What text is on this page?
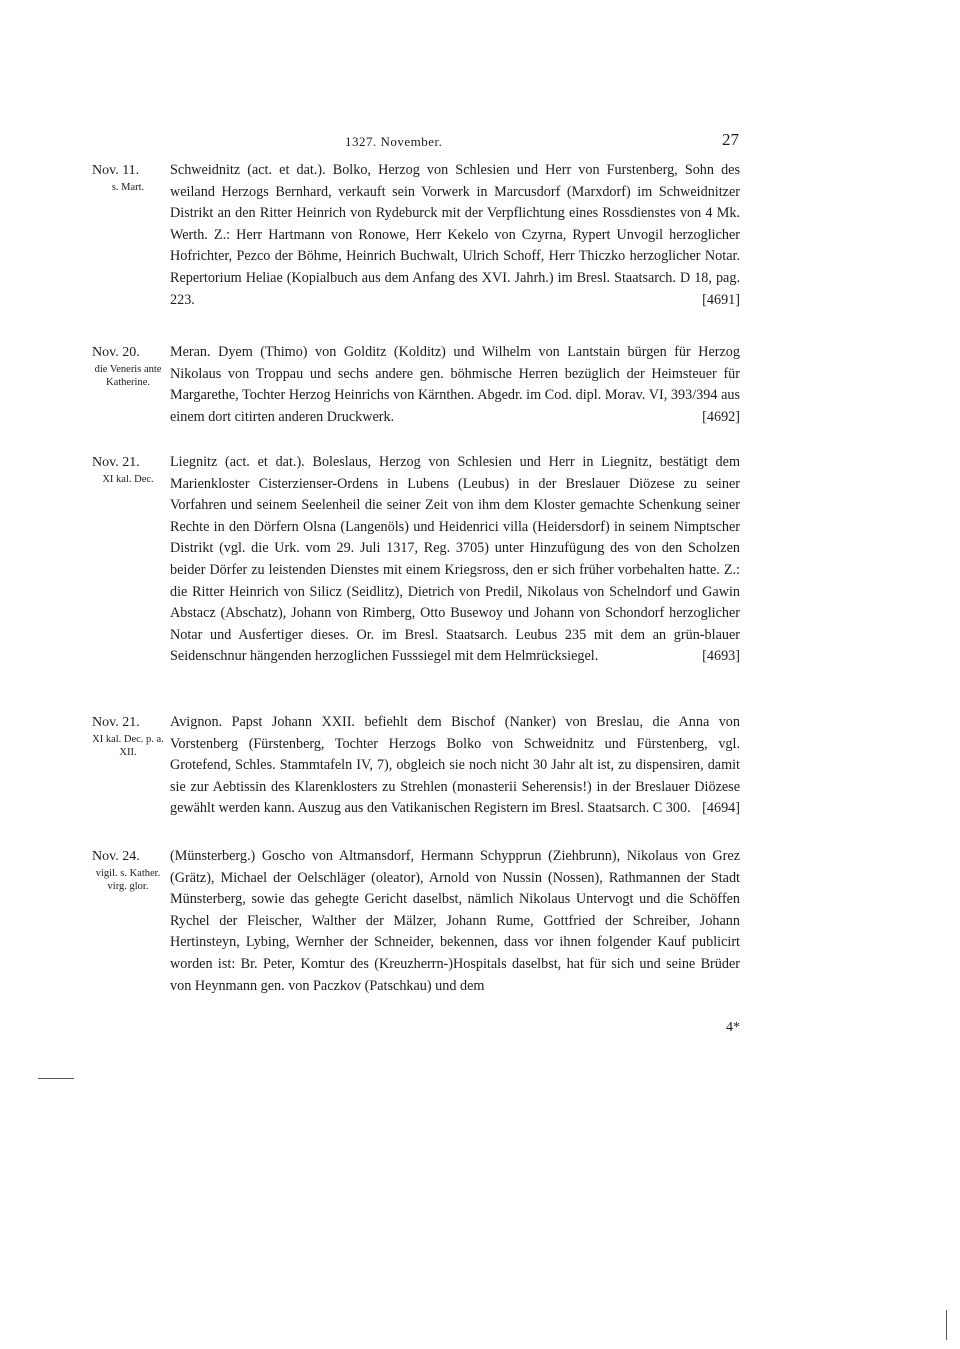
1327. November.	27
Nov. 11.
s. Mart.

Schweidnitz (act. et dat.). Bolko, Herzog von Schlesien und Herr von Furstenberg, Sohn des weiland Herzogs Bernhard, verkauft sein Vorwerk in Marcusdorf (Marxdorf) im Schweidnitzer Distrikt an den Ritter Heinrich von Rydeburck mit der Verpflichtung eines Rossdienstes von 4 Mk. Werth. Z.: Herr Hartmann von Ronowe, Herr Kekelo von Czyrna, Rypert Unvogil herzoglicher Hofrichter, Pezco der Böhme, Heinrich Buchwalt, Ulrich Schoff, Herr Thiczko herzoglicher Notar. Repertorium Heliae (Kopialbuch aus dem Anfang des XVI. Jahrh.) im Bresl. Staatsarch. D 18, pag. 223.	[4691]

Nov. 20.
die Veneris ante Katherine.

Meran. Dyem (Thimo) von Golditz (Kolditz) und Wilhelm von Lantstain bürgen für Herzog Nikolaus von Troppau und sechs andere gen. böhmische Herren bezüglich der Heimsteuer für Margarethe, Tochter Herzog Heinrichs von Kärnthen. Abgedr. im Cod. dipl. Morav. VI, 393/394 aus einem dort citirten anderen Druckwerk.	[4692]

Nov. 21.
XI kal. Dec.

Liegnitz (act. et dat.). Boleslaus, Herzog von Schlesien und Herr in Liegnitz, bestätigt dem Marienkloster Cisterzienser-Ordens in Lubens (Leubus) in der Breslauer Diözese zu seiner Vorfahren und seinem Seelenheil die seiner Zeit von ihm dem Kloster gemachte Schenkung seiner Rechte in den Dörfern Olsna (Langenöls) und Heidenrici villa (Heidersdorf) in seinem Nimptscher Distrikt (vgl. die Urk. vom 29. Juli 1317, Reg. 3705) unter Hinzufügung des von den Scholzen beider Dörfer zu leistenden Dienstes mit einem Kriegsross, den er sich früher vorbehalten hatte. Z.: die Ritter Heinrich von Silicz (Seidlitz), Dietrich von Predil, Nikolaus von Schelndorf und Gawin Abstacz (Abschatz), Johann von Rimberg, Otto Busewoy und Johann von Schondorf herzoglicher Notar und Ausfertiger dieses. Or. im Bresl. Staatsarch. Leubus 235 mit dem an grün-blauer Seidenschnur hängenden herzoglichen Fusssiegel mit dem Helmrücksiegel.	[4693]

Nov. 21.
XI kal. Dec. p. a. XII.

Avignon. Papst Johann XXII. befiehlt dem Bischof (Nanker) von Breslau, die Anna von Vorstenberg (Fürstenberg, Tochter Herzogs Bolko von Schweidnitz und Fürstenberg, vgl. Grotefend, Schles. Stammtafeln IV, 7), obgleich sie noch nicht 30 Jahr alt ist, zu dispensiren, damit sie zur Aebtissin des Klarenklosters zu Strehlen (monasterii Seherensis!) in der Breslauer Diözese gewählt werden kann. Auszug aus den Vatikanischen Registern im Bresl. Staatsarch. C 300. [4694]

Nov. 24.
vigil. s. Kather. virg. glor.

(Münsterberg.) Goscho von Altmansdorf, Hermann Schypprun (Ziehbrunn), Nikolaus von Grez (Grätz), Michael der Oelschläger (oleator), Arnold von Nussin (Nossen), Rathmannen der Stadt Münsterberg, sowie das gehegte Gericht daselbst, nämlich Nikolaus Untervogt und die Schöffen Rychel der Fleischer, Walther der Mälzer, Johann Rume, Gottfried der Schreiber, Johann Hertinsteyn, Lybing, Wernher der Schneider, bekennen, dass vor ihnen folgender Kauf publicirt worden ist: Br. Peter, Komtur des (Kreuzherrn-)Hospitals daselbst, hat für sich und seine Brüder von Heynmann gen. von Paczkov (Patschkau) und dem

4*
